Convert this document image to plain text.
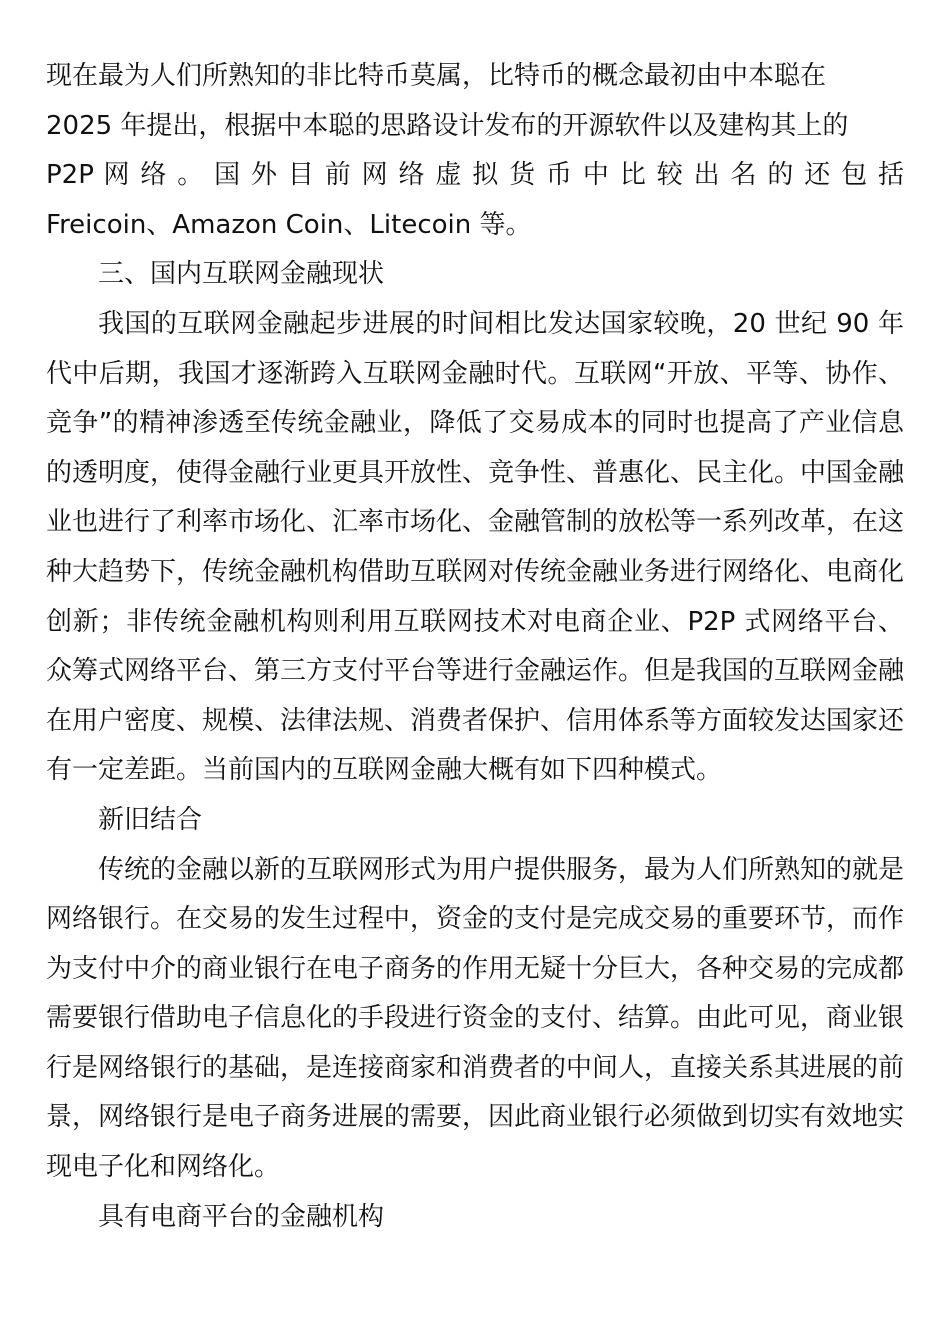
现在最为人们所熟知的非比特币莫属，比特币的概念最初由中本聪在
2025 年提出，根据中本聪的思路设计发布的开源软件以及建构其上的
P2P 网 络 。 国 外 目 前 网 络 虚 拟 货 币 中 比 较 出 名 的 还 包 括
Freicoin、Amazon Coin、Litecoin 等。

三、国内互联网金融现状

我国的互联网金融起步进展的时间相比发达国家较晚，20 世纪 90 年代中后期，我国才逐渐跨入互联网金融时代。互联网“开放、平等、协作、竞争”的精神渗透至传统金融业，降低了交易成本的同时也提高了产业信息的透明度，使得金融行业更具开放性、竞争性、普惠化、民主化。中国金融业也进行了利率市场化、汇率市场化、金融管制的放松等一系列改革，在这种大趋势下，传统金融机构借助互联网对传统金融业务进行网络化、电商化创新；非传统金融机构则利用互联网技术对电商企业、P2P 式网络平台、众筹式网络平台、第三方支付平台等进行金融运作。但是我国的互联网金融在用户密度、规模、法律法规、消费者保护、信用体系等方面较发达国家还有一定差距。当前国内的互联网金融大概有如下四种模式。

新旧结合

传统的金融以新的互联网形式为用户提供服务，最为人们所熟知的就是网络银行。在交易的发生过程中，资金的支付是完成交易的重要环节，而作为支付中介的商业银行在电子商务的作用无疑十分巨大，各种交易的完成都需要银行借助电子信息化的手段进行资金的支付、结算。由此可见，商业银行是网络银行的基础，是连接商家和消费者的中间人，直接关系其进展的前景，网络银行是电子商务进展的需要，因此商业银行必须做到切实有效地实现电子化和网络化。

具有电商平台的金融机构
